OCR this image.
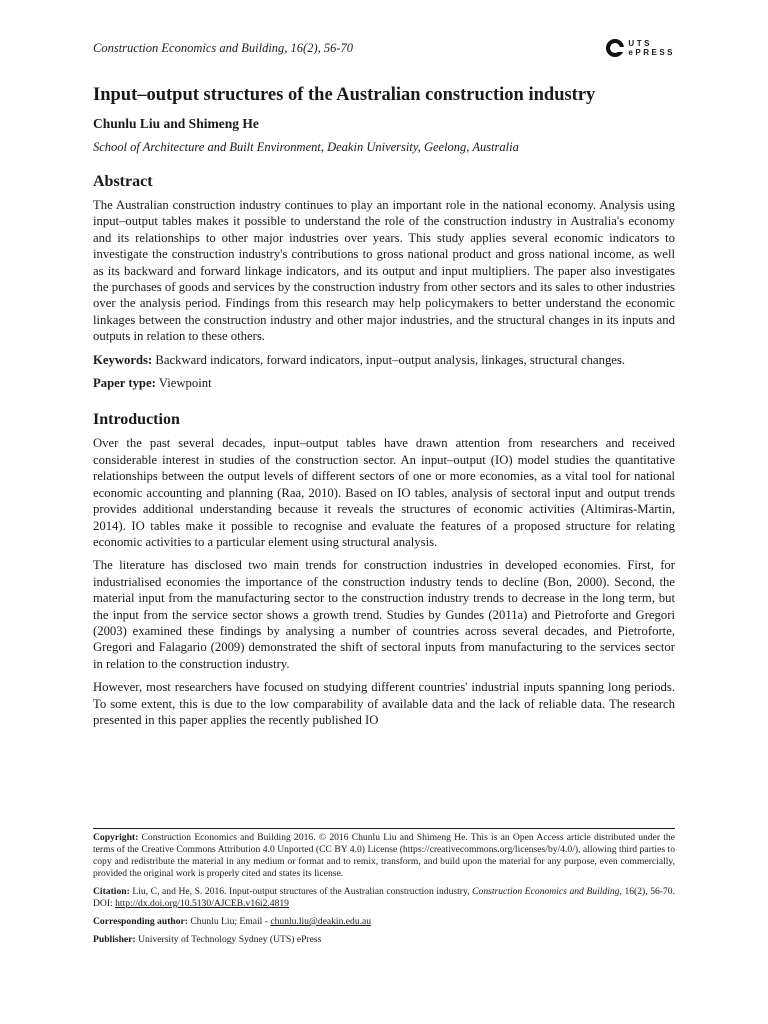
Construction Economics and Building, 16(2), 56-70	UTS
ePRESS
Input–output structures of the Australian construction industry
Chunlu Liu and Shimeng He
School of Architecture and Built Environment, Deakin University, Geelong, Australia
Abstract

The Australian construction industry continues to play an important role in the national economy. Analysis using input–output tables makes it possible to understand the role of the construction industry in Australia's economy and its relationships to other major industries over years. This study applies several economic indicators to investigate the construction industry's contributions to gross national product and gross national income, as well as its backward and forward linkage indicators, and its output and input multipliers. The paper also investigates the purchases of goods and services by the construction industry from other sectors and its sales to other industries over the analysis period. Findings from this research may help policymakers to better understand the economic linkages between the construction industry and other major industries, and the structural changes in its inputs and outputs in relation to these others.

Keywords: Backward indicators, forward indicators, input–output analysis, linkages, structural changes.

Paper type: Viewpoint

Introduction

Over the past several decades, input–output tables have drawn attention from researchers and received considerable interest in studies of the construction sector. An input–output (IO) model studies the quantitative relationships between the output levels of different sectors of one or more economies, as a vital tool for national economic accounting and planning (Raa, 2010). Based on IO tables, analysis of sectoral input and output trends provides additional understanding because it reveals the structures of economic activities (Altimiras-Martin, 2014). IO tables make it possible to recognise and evaluate the features of a proposed structure for relating economic activities to a particular element using structural analysis.

The literature has disclosed two main trends for construction industries in developed economies. First, for industrialised economies the importance of the construction industry tends to decline (Bon, 2000). Second, the material input from the manufacturing sector to the construction industry trends to decrease in the long term, but the input from the service sector shows a growth trend. Studies by Gundes (2011a) and Pietroforte and Gregori (2003) examined these findings by analysing a number of countries across several decades, and Pietroforte, Gregori and Falagario (2009) demonstrated the shift of sectoral inputs from manufacturing to the services sector in relation to the construction industry.

However, most researchers have focused on studying different countries' industrial inputs spanning long periods. To some extent, this is due to the low comparability of available data and the lack of reliable data. The research presented in this paper applies the recently published IO

Copyright: Construction Economics and Building 2016. © 2016 Chunlu Liu and Shimeng He. This is an Open Access article distributed under the terms of the Creative Commons Attribution 4.0 Unported (CC BY 4.0) License (https://creativecommons.org/licenses/by/4.0/), allowing third parties to copy and redistribute the material in any medium or format and to remix, transform, and build upon the material for any purpose, even commercially, provided the original work is properly cited and states its license.

Citation: Liu, C, and He, S. 2016. Input-output structures of the Australian construction industry, Construction Economics and Building, 16(2), 56-70. DOI: http://dx.doi.org/10.5130/AJCEB.v16i2.4819

Corresponding author: Chunlu Liu; Email - chunlu.liu@deakin.edu.au

Publisher: University of Technology Sydney (UTS) ePress
